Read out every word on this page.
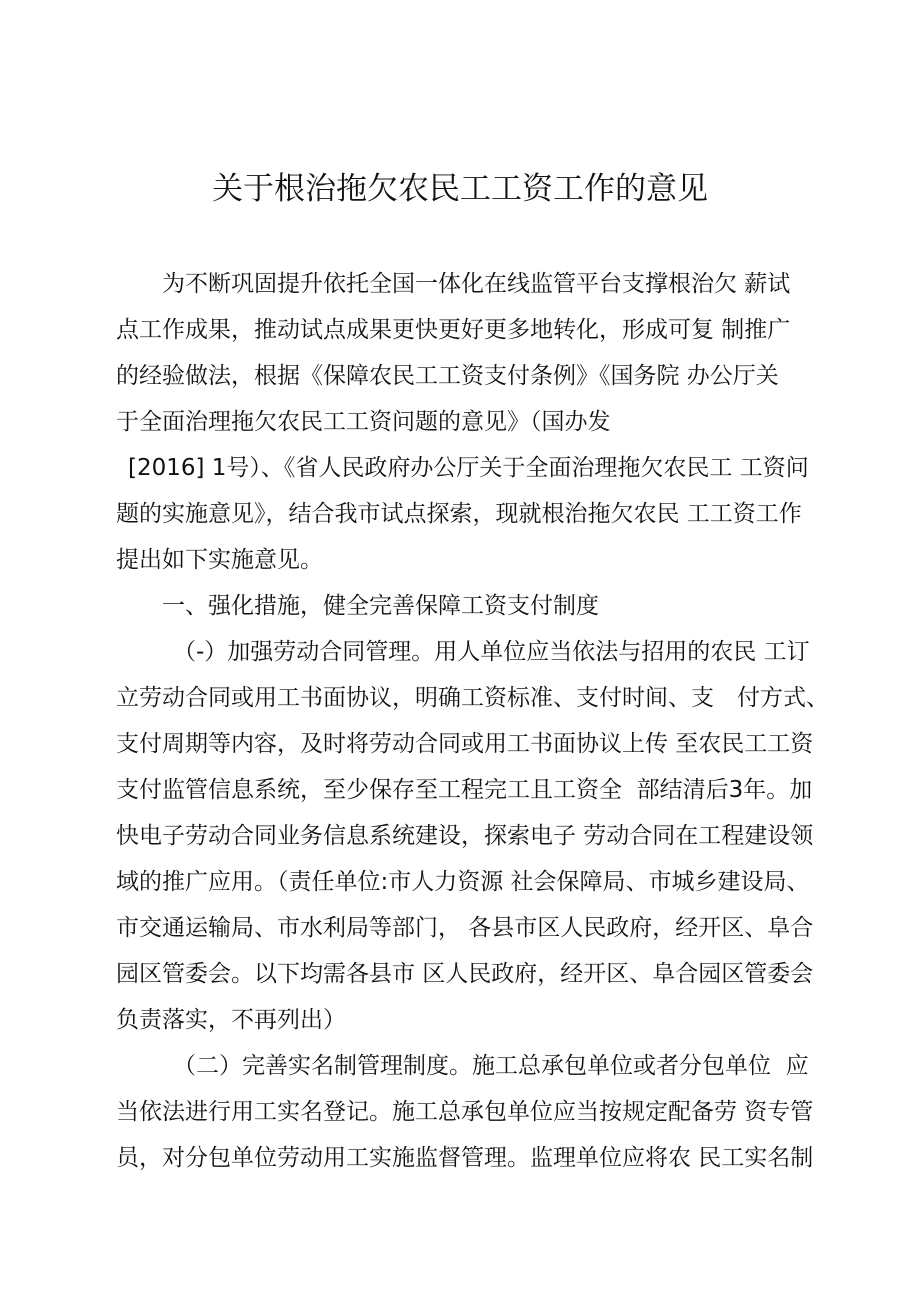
关于根治拖欠农民工工资工作的意见
为不断巩固提升依托全国一体化在线监管平台支撑根治欠 薪试
点工作成果，推动试点成果更快更好更多地转化，形成可复 制推广
的经验做法，根据《保障农民工工资支付条例》《国务院 办公厅关
于全面治理拖欠农民工工资问题的意见》（国办发
[2016] 1号）、《省人民政府办公厅关于全面治理拖欠农民工 工资问
题的实施意见》，结合我市试点探索，现就根治拖欠农民 工工资工作
提出如下实施意见。
一、强化措施，健全完善保障工资支付制度
（-）加强劳动合同管理。用人单位应当依法与招用的农民 工订
立劳动合同或用工书面协议，明确工资标准、支付时间、支　付方式、
支付周期等内容，及时将劳动合同或用工书面协议上传 至农民工工资
支付监管信息系统，至少保存至工程完工且工资全  部结清后3年。加
快电子劳动合同业务信息系统建设，探索电子 劳动合同在工程建设领
域的推广应用。（责任单位:市人力资源 社会保障局、市城乡建设局、
市交通运输局、市水利局等部门， 各县市区人民政府，经开区、阜合
园区管委会。以下均需各县市 区人民政府，经开区、阜合园区管委会
负责落实，不再列出）
（二）完善实名制管理制度。施工总承包单位或者分包单位  应
当依法进行用工实名登记。施工总承包单位应当按规定配备劳 资专管
员，对分包单位劳动用工实施监督管理。监理单位应将农 民工实名制
